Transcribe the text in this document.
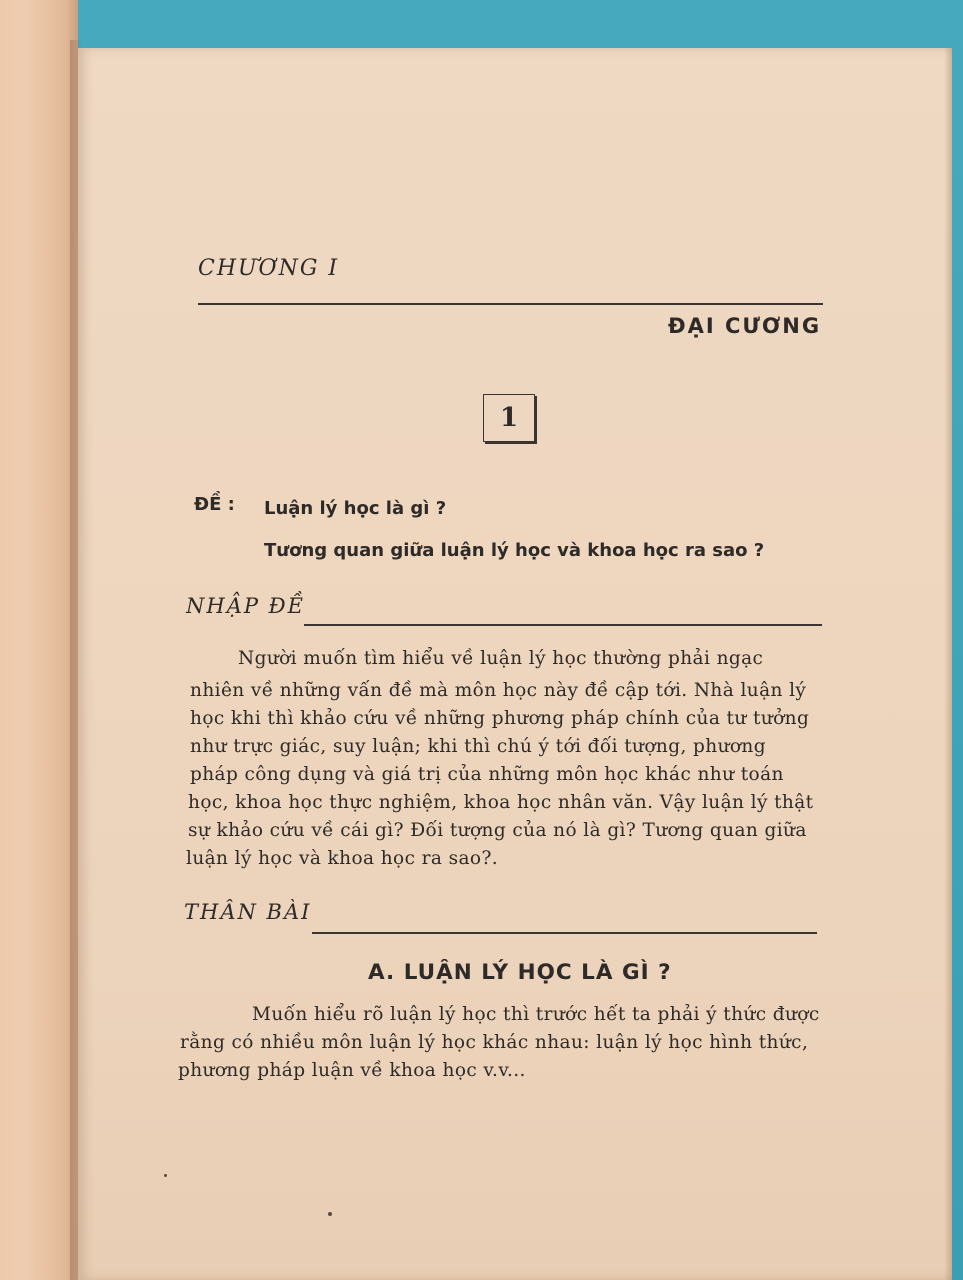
CHƯƠNG I
ĐẠI CƯƠNG
1
ĐỀ : Luận lý học là gì ?
Tương quan giữa luận lý học và khoa học ra sao ?
NHẬP ĐỀ
Người muốn tìm hiểu về luận lý học thường phải ngạc
nhiên về những vấn đề mà môn học này đề cập tới. Nhà luận lý
học khi thì khảo cứu về những phương pháp chính của tư tưởng
như trực giác, suy luận; khi thì chú ý tới đối tượng, phương
pháp công dụng và giá trị của những môn học khác như toán
học, khoa học thực nghiệm, khoa học nhân văn. Vậy luận lý thật
sự khảo cứu về cái gì? Đối tượng của nó là gì? Tương quan giữa
luận lý học và khoa học ra sao?.
THÂN BÀI
A. LUẬN LÝ HỌC LÀ GÌ ?
Muốn hiểu rõ luận lý học thì trước hết ta phải ý thức được
rằng có nhiều môn luận lý học khác nhau: luận lý học hình thức,
phương pháp luận về khoa học v.v...
